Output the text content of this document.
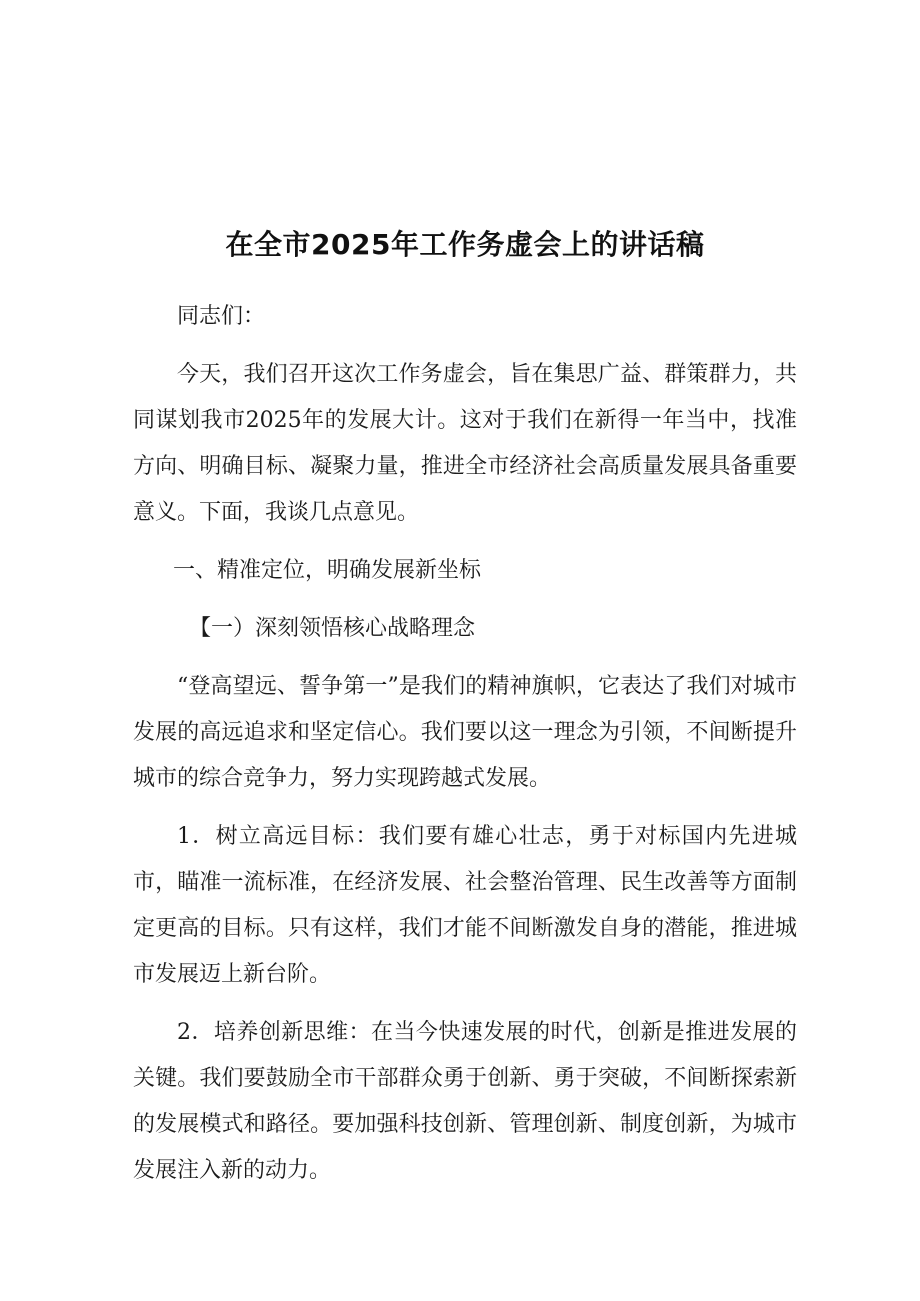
在全市2025年工作务虚会上的讲话稿

同志们：

今天，我们召开这次工作务虚会，旨在集思广益、群策群力，共同谋划我市2025年的发展大计。这对于我们在新得一年当中，找准方向、明确目标、凝聚力量，推进全市经济社会高质量发展具备重要意义。下面，我谈几点意见。

一、精准定位，明确发展新坐标

【一）深刻领悟核心战略理念

“登高望远、誓争第一”是我们的精神旗帜，它表达了我们对城市发展的高远追求和坚定信心。我们要以这一理念为引领，不间断提升城市的综合竞争力，努力实现跨越式发展。

1．树立高远目标：我们要有雄心壮志，勇于对标国内先进城市，瞄准一流标准，在经济发展、社会整治管理、民生改善等方面制定更高的目标。只有这样，我们才能不间断激发自身的潜能，推进城市发展迈上新台阶。

2．培养创新思维：在当今快速发展的时代，创新是推进发展的关键。我们要鼓励全市干部群众勇于创新、勇于突破，不间断探索新的发展模式和路径。要加强科技创新、管理创新、制度创新，为城市发展注入新的动力。
